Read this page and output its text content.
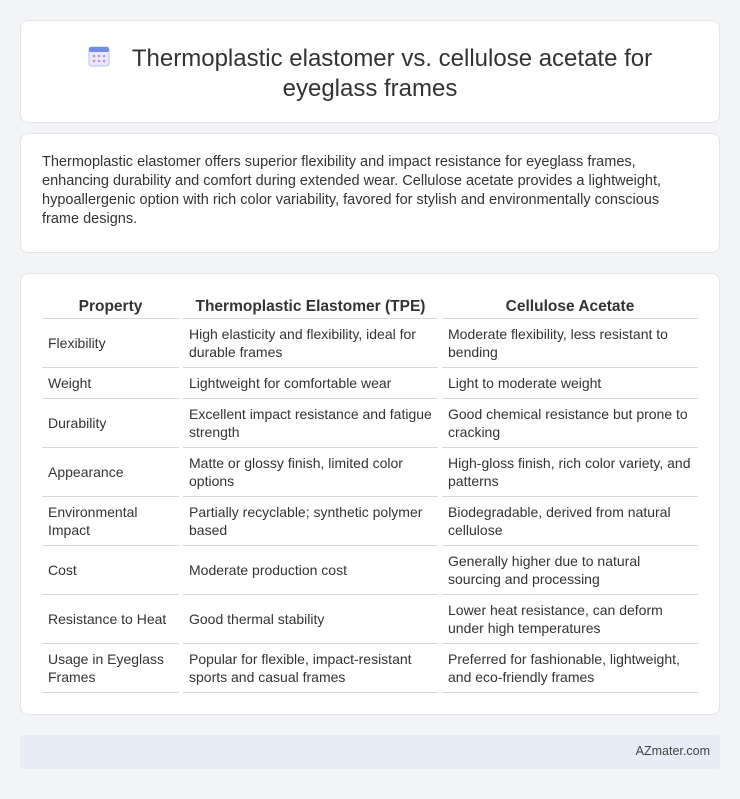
Thermoplastic elastomer vs. cellulose acetate for
eyeglass frames

Thermoplastic elastomer offers superior flexibility and impact resistance for eyeglass frames, enhancing durability and comfort during extended wear. Cellulose acetate provides a lightweight, hypoallergenic option with rich color variability, favored for stylish and environmentally conscious frame designs.

Property	Thermoplastic Elastomer (TPE)	Cellulose Acetate
Flexibility	High elasticity and flexibility, ideal for durable frames	Moderate flexibility, less resistant to bending
Weight	Lightweight for comfortable wear	Light to moderate weight
Durability	Excellent impact resistance and fatigue strength	Good chemical resistance but prone to cracking
Appearance	Matte or glossy finish, limited color options	High-gloss finish, rich color variety, and patterns
Environmental Impact	Partially recyclable; synthetic polymer based	Biodegradable, derived from natural cellulose
Cost	Moderate production cost	Generally higher due to natural sourcing and processing
Resistance to Heat	Good thermal stability	Lower heat resistance, can deform under high temperatures
Usage in Eyeglass Frames	Popular for flexible, impact-resistant sports and casual frames	Preferred for fashionable, lightweight, and eco-friendly frames
AZmater.com
